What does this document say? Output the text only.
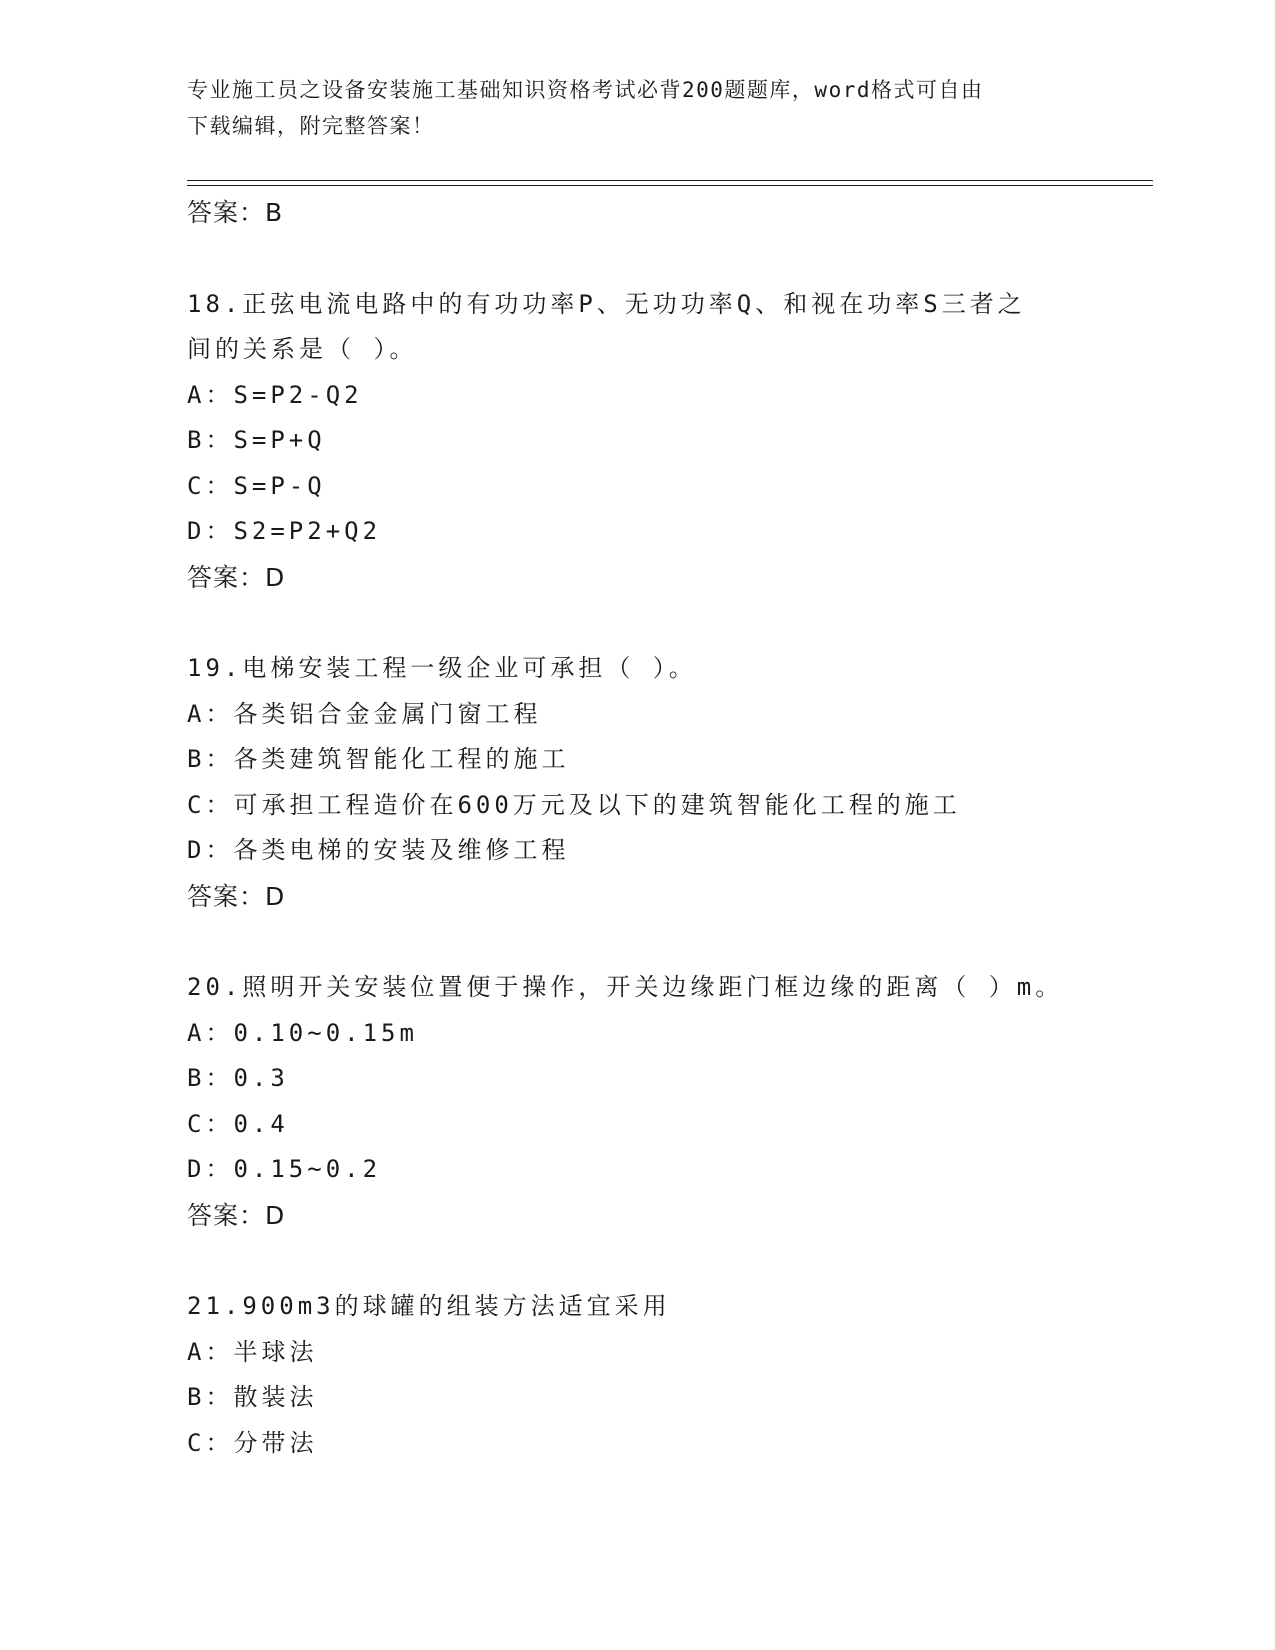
专业施工员之设备安装施工基础知识资格考试必背200题题库，word格式可自由
下载编辑，附完整答案！
答案：B
18.正弦电流电路中的有功功率P、无功功率Q、和视在功率S三者之
间的关系是（ ）。
A：S=P2-Q2
B：S=P+Q
C：S=P-Q
D：S2=P2+Q2
答案：D
19.电梯安装工程一级企业可承担（ ）。
A：各类铝合金金属门窗工程
B：各类建筑智能化工程的施工
C：可承担工程造价在600万元及以下的建筑智能化工程的施工
D：各类电梯的安装及维修工程
答案：D
20.照明开关安装位置便于操作，开关边缘距门框边缘的距离（ ）m。
A：0.10~0.15m
B：0.3
C：0.4
D：0.15~0.2
答案：D
21.900m3的球罐的组装方法适宜采用
A：半球法
B：散装法
C：分带法
